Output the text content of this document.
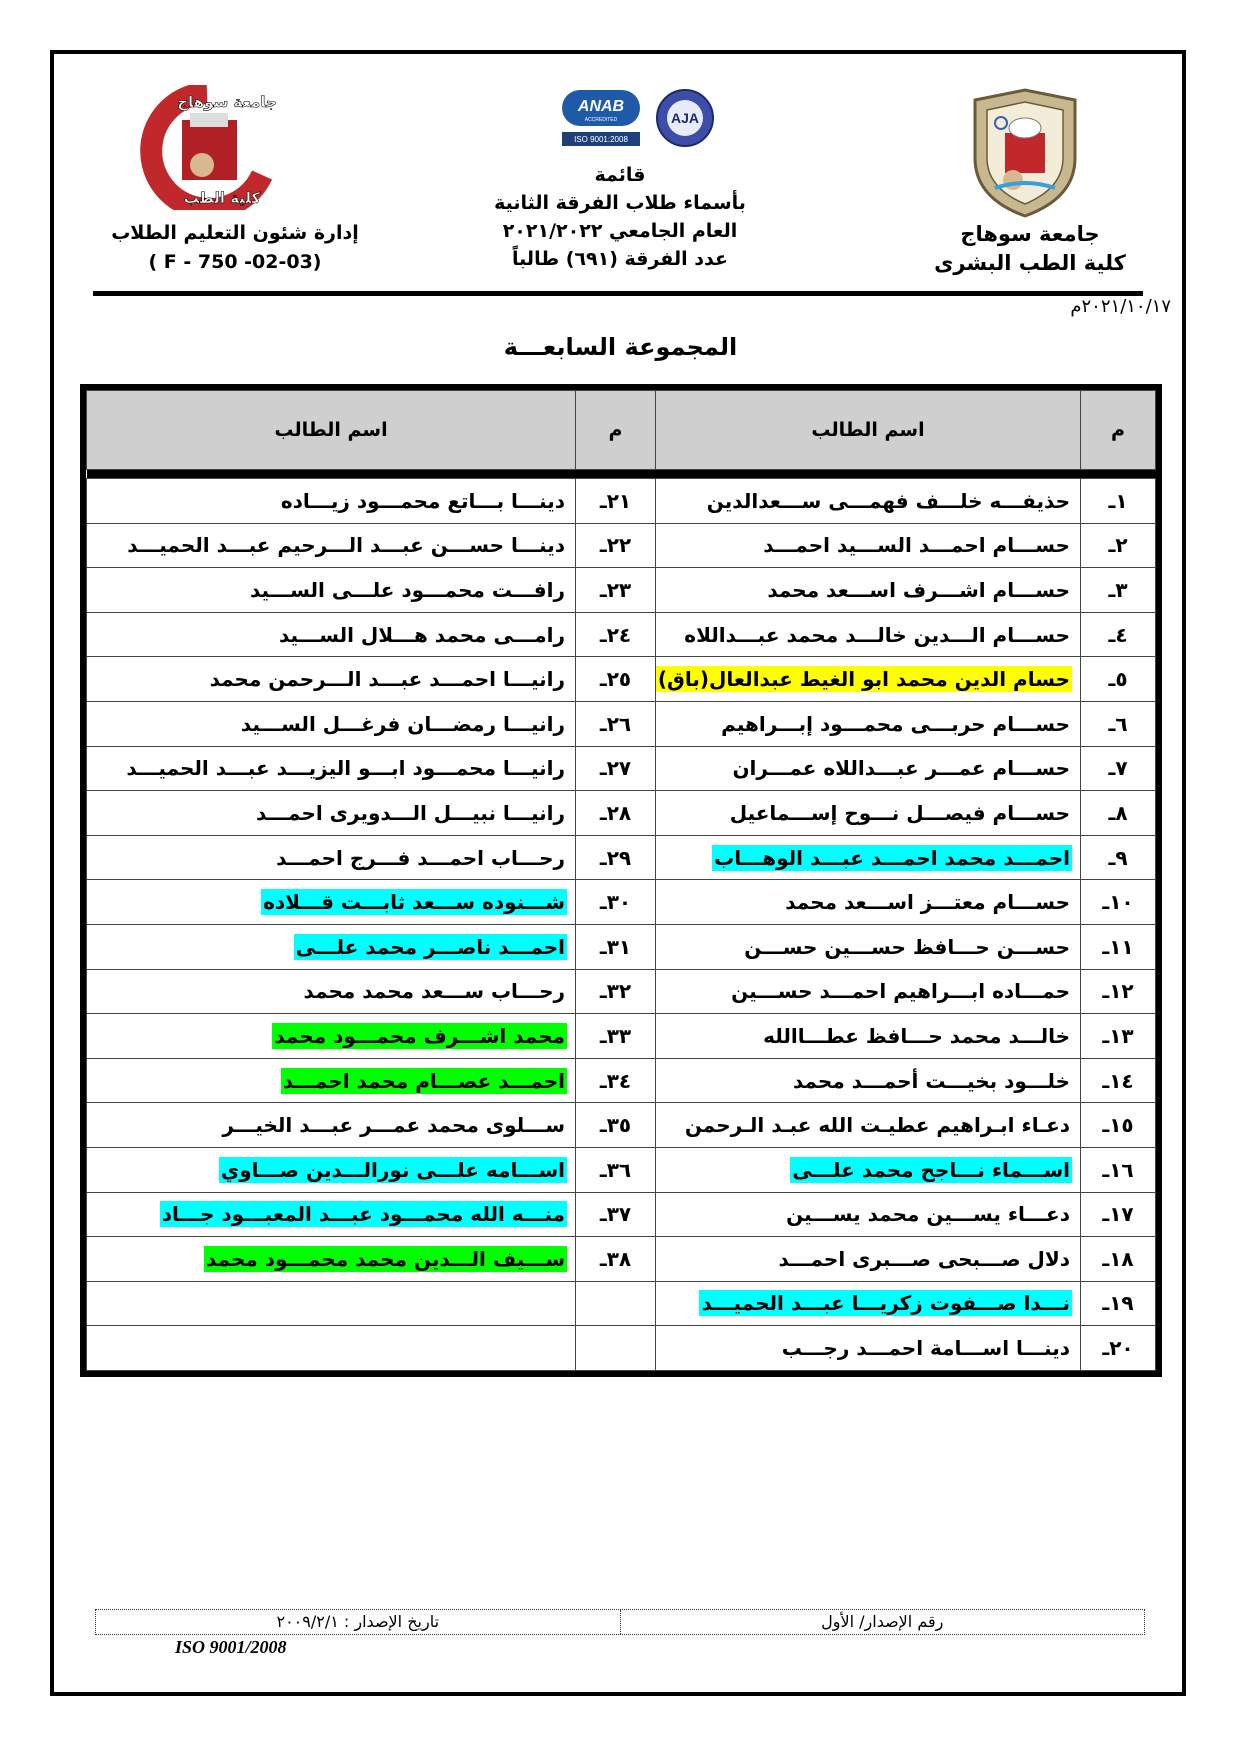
جامعة سوهاج
كلية الطب البشرى
ANAB
ACCREDITED
ISO 9001:2008
AJA
قائمة
بأسماء طلاب الفرقة الثانية
العام الجامعي ٢٠٢١/٢٠٢٢
عدد الفرقة (٦٩١) طالباً
جامعة سوهاج
كلية الطب
إدارة شئون التعليم الطلاب
( F - 750 -02-03)
٢٠٢١/١٠/١٧م
المجموعة السابعـــة
م	اسم الطالب	م	اسم الطالب

١ـ	حذيفـــه خلـــف فهمـــى ســـعدالدين	٢١ـ	دينـــا بـــاتع محمـــود زيـــاده
٢ـ	حســـام احمـــد الســـيد احمـــد	٢٢ـ	دينـــا حســـن عبـــد الـــرحيم عبـــد الحميـــد
٣ـ	حســـام اشـــرف اســـعد محمد	٢٣ـ	رافـــت محمـــود علـــى الســـيد
٤ـ	حســـام الـــدين خالـــد محمد عبـــداللاه	٢٤ـ	رامـــى محمد هـــلال الســـيد
٥ـ	حسام الدين محمد ابو الغيط عبدالعال(باق)	٢٥ـ	رانيـــا احمـــد عبـــد الـــرحمن محمد
٦ـ	حســـام حربـــى محمـــود إبـــراهيم	٢٦ـ	رانيـــا رمضـــان فرغـــل الســـيد
٧ـ	حســـام عمـــر عبـــداللاه عمـــران	٢٧ـ	رانيـــا محمـــود ابـــو اليزيـــد عبـــد الحميـــد
٨ـ	حســـام فيصـــل نـــوح إســـماعيل	٢٨ـ	رانيـــا نبيـــل الـــدويرى احمـــد
٩ـ	احمـــد محمد احمـــد عبـــد الوهـــاب	٢٩ـ	رحـــاب احمـــد فـــرج احمـــد
١٠ـ	حســـام معتـــز اســـعد محمد	٣٠ـ	شـــنوده ســـعد ثابـــت قـــلاده
١١ـ	حســـن حـــافظ حســـين حســـن	٣١ـ	احمـــد ناصـــر محمد علـــى
١٢ـ	حمـــاده ابـــراهيم احمـــد حســـين	٣٢ـ	رحـــاب ســـعد محمد محمد
١٣ـ	خالـــد محمد حـــافظ عطـــاالله	٣٣ـ	محمد اشـــرف محمـــود محمد
١٤ـ	خلـــود بخيـــت أحمـــد محمد	٣٤ـ	احمـــد عصـــام محمد احمـــد
١٥ـ	دعـاء ابـراهيم عطيـت الله عبـد الـرحمن	٣٥ـ	ســـلوى محمد عمـــر عبـــد الخيـــر
١٦ـ	اســـماء نـــاجح محمد علـــى	٣٦ـ	اســـامه علـــى نورالـــدين صـــاوي
١٧ـ	دعـــاء يســـين محمد يســـين	٣٧ـ	منـــه الله محمـــود عبـــد المعبـــود جـــاد
١٨ـ	دلال صـــبحى صـــبرى احمـــد	٣٨ـ	ســـيف الـــدين محمد محمـــود محمد
١٩ـ	نـــدا صـــفوت زكريـــا عبـــد الحميـــد		
٢٠ـ	دينـــا اســـامة احمـــد رجـــب		
رقم الإصدار/ الأول
تاريخ الإصدار : ٢٠٠٩/٢/١
ISO 9001/2008
